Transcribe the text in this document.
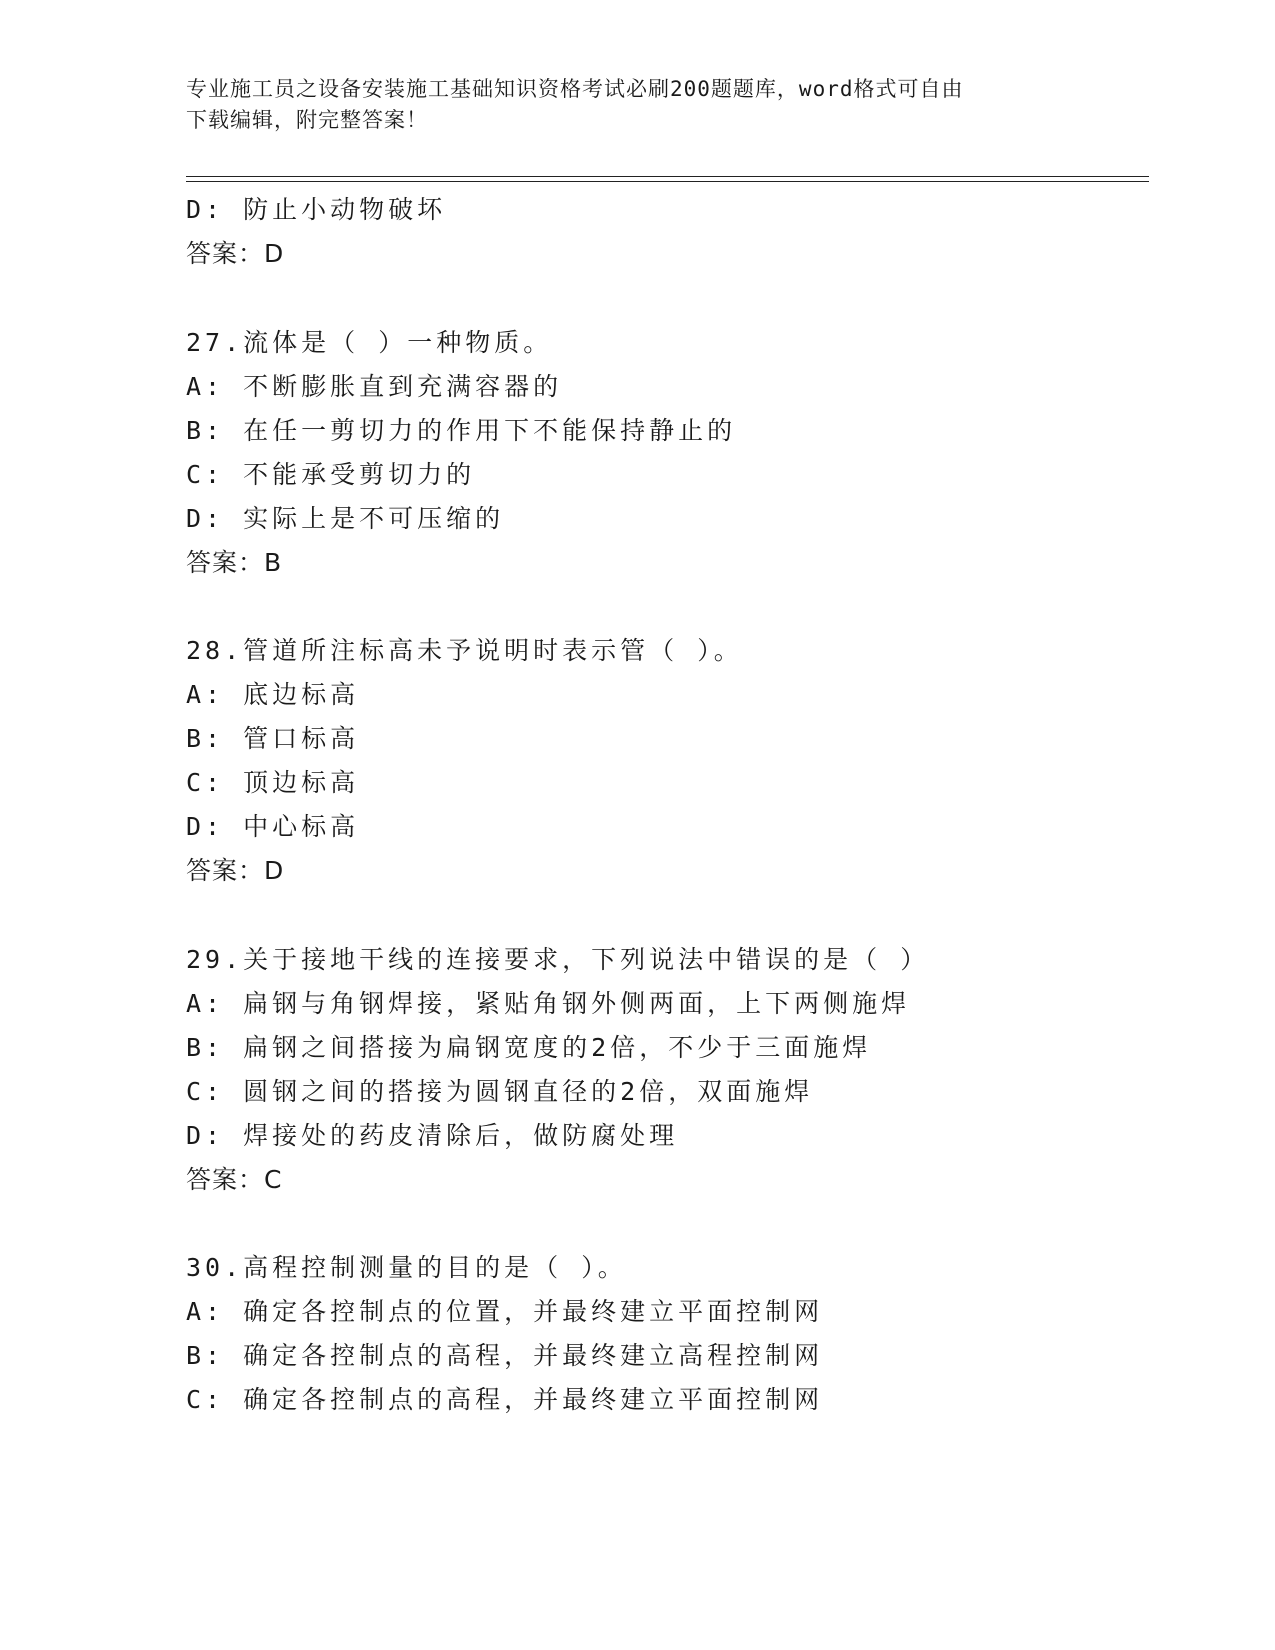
专业施工员之设备安装施工基础知识资格考试必刷200题题库，word格式可自由
下载编辑，附完整答案！
D: 防止小动物破坏
答案：D
27.流体是（ ）一种物质。
A: 不断膨胀直到充满容器的
B: 在任一剪切力的作用下不能保持静止的
C: 不能承受剪切力的
D: 实际上是不可压缩的
答案：B
28.管道所注标高未予说明时表示管（ ）。
A: 底边标高
B: 管口标高
C: 顶边标高
D: 中心标高
答案：D
29.关于接地干线的连接要求，下列说法中错误的是（ ）
A: 扁钢与角钢焊接，紧贴角钢外侧两面，上下两侧施焊
B: 扁钢之间搭接为扁钢宽度的2倍，不少于三面施焊
C: 圆钢之间的搭接为圆钢直径的2倍，双面施焊
D: 焊接处的药皮清除后，做防腐处理
答案：C
30.高程控制测量的目的是（ ）。
A: 确定各控制点的位置，并最终建立平面控制网
B: 确定各控制点的高程，并最终建立高程控制网
C: 确定各控制点的高程，并最终建立平面控制网
